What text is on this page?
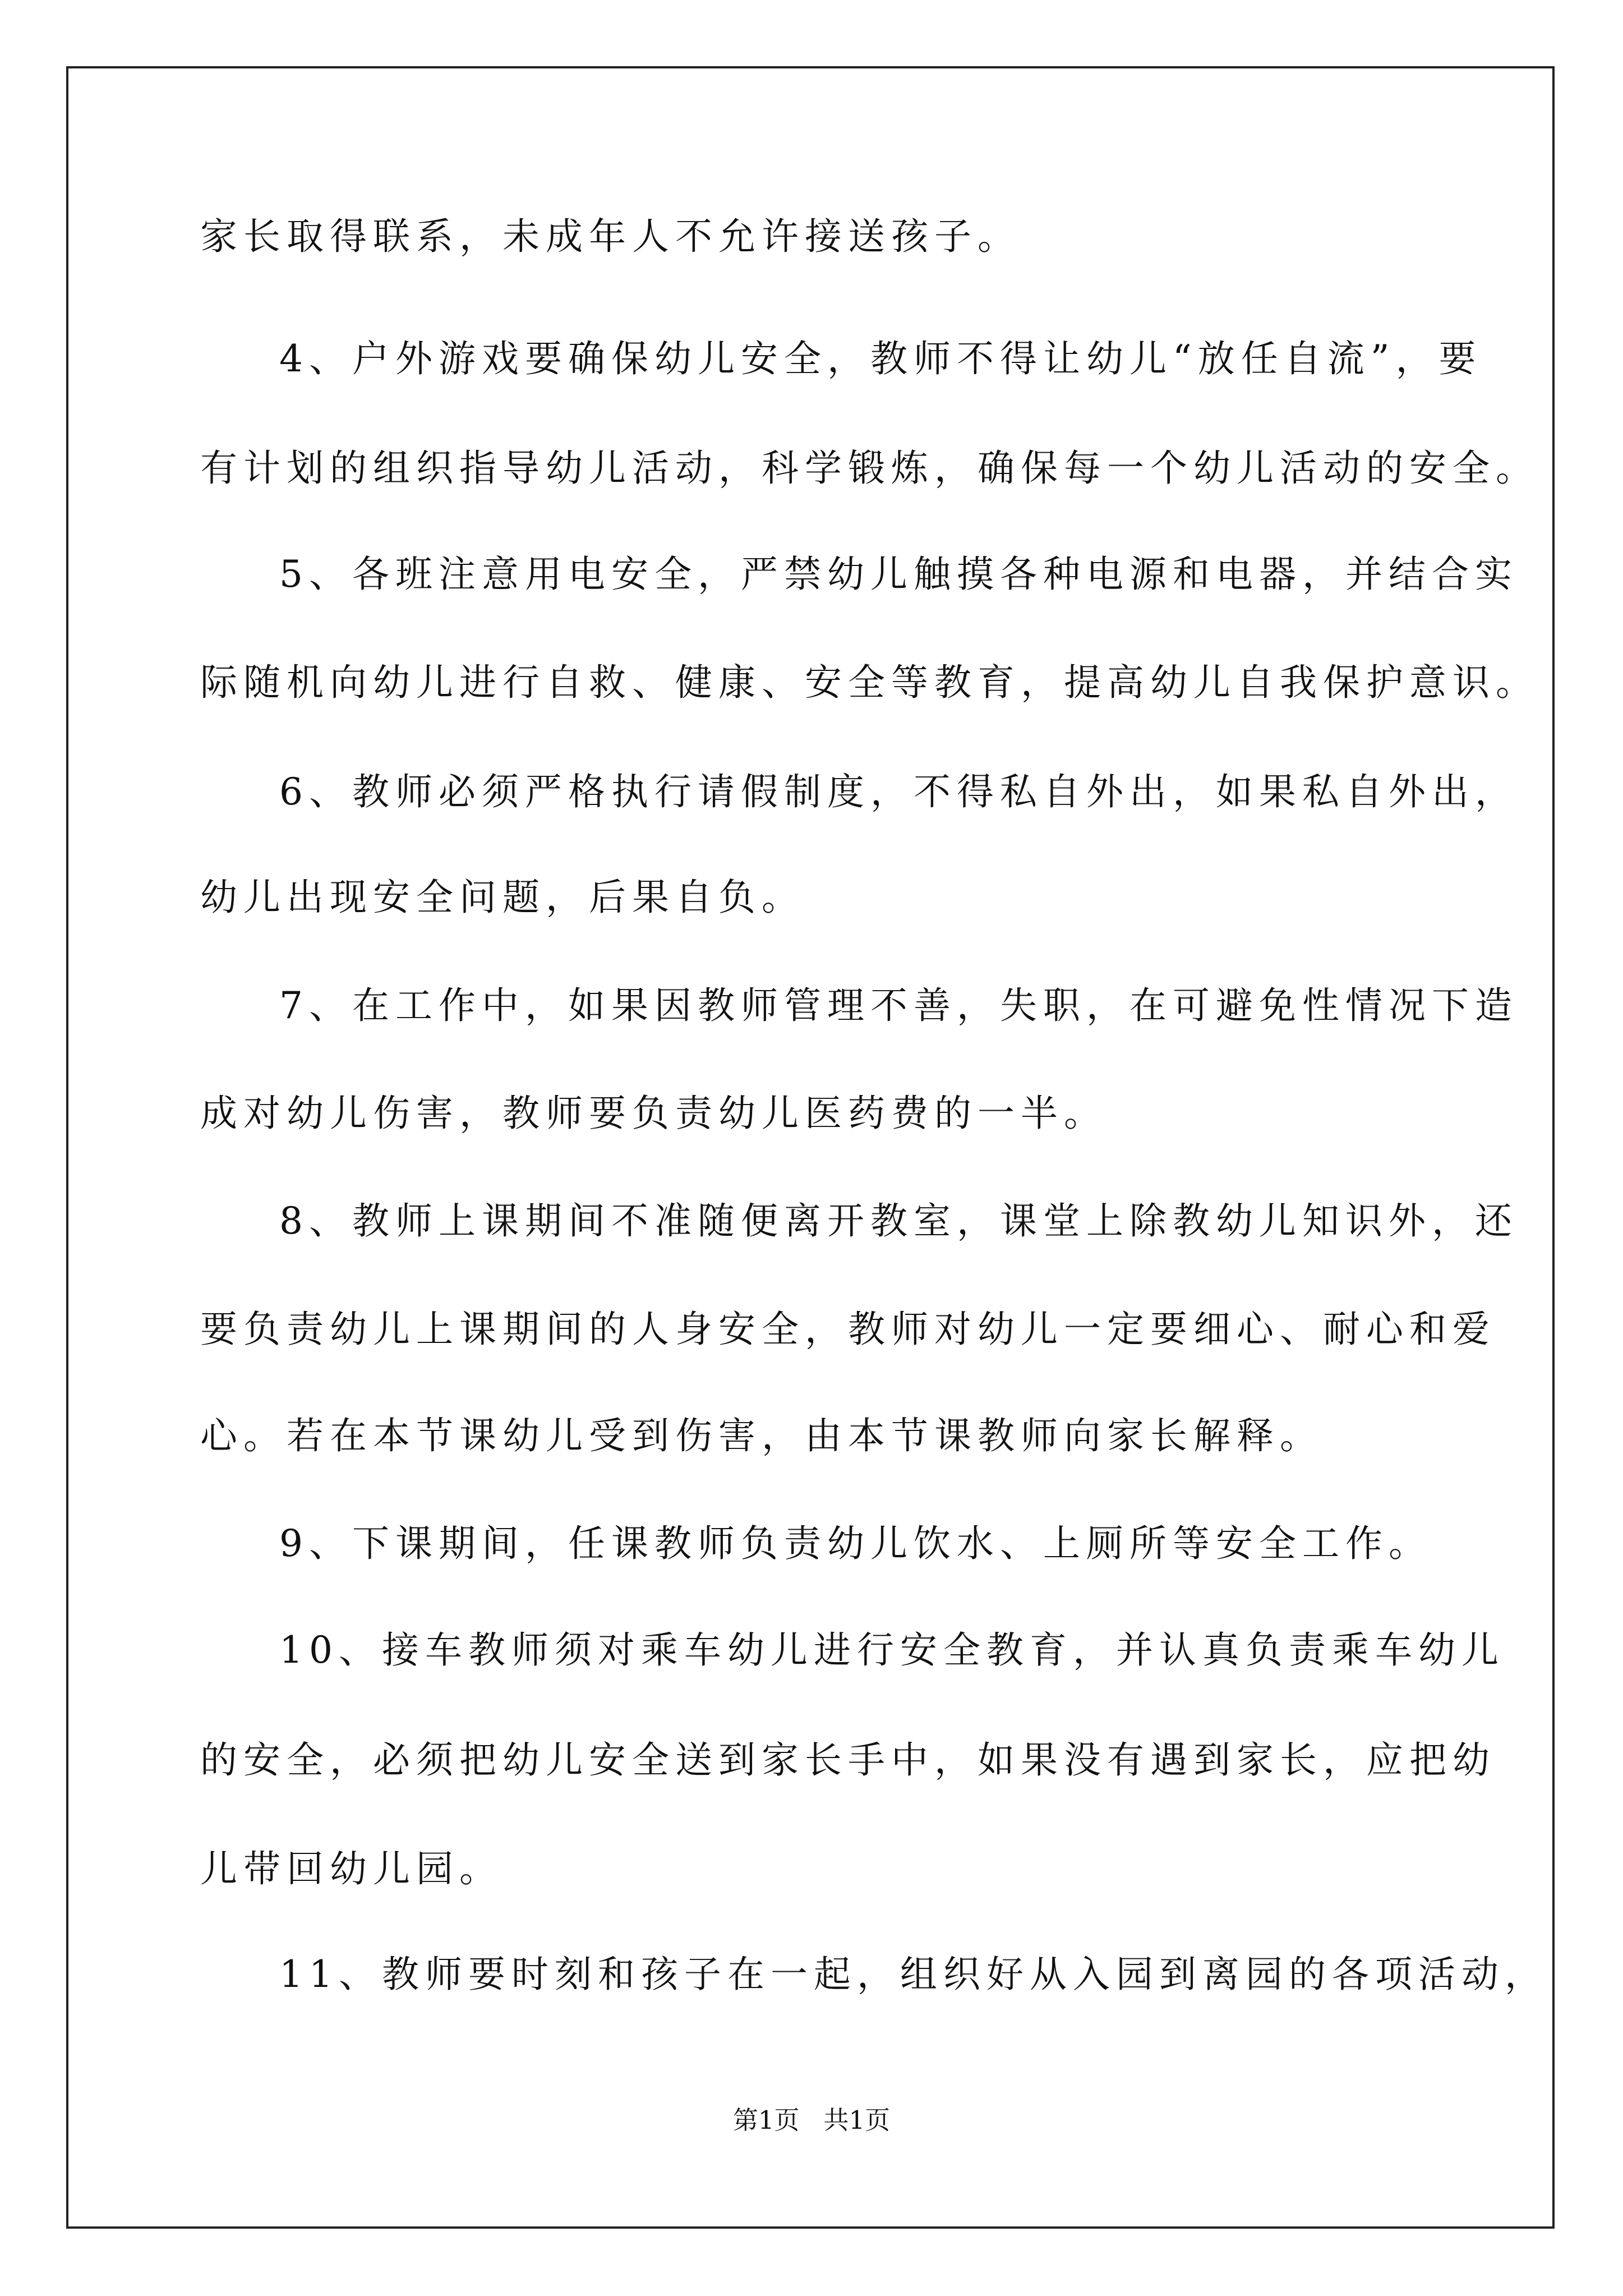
家长取得联系，未成年人不允许接送孩子。
4、户外游戏要确保幼儿安全，教师不得让幼儿“放任自流”，要
有计划的组织指导幼儿活动，科学锻炼，确保每一个幼儿活动的安全。
5、各班注意用电安全，严禁幼儿触摸各种电源和电器，并结合实
际随机向幼儿进行自救、健康、安全等教育，提高幼儿自我保护意识。
6、教师必须严格执行请假制度，不得私自外出，如果私自外出，
幼儿出现安全问题，后果自负。
7、在工作中，如果因教师管理不善，失职，在可避免性情况下造
成对幼儿伤害，教师要负责幼儿医药费的一半。
8、教师上课期间不准随便离开教室，课堂上除教幼儿知识外，还
要负责幼儿上课期间的人身安全，教师对幼儿一定要细心、耐心和爱
心。若在本节课幼儿受到伤害，由本节课教师向家长解释。
9、下课期间，任课教师负责幼儿饮水、上厕所等安全工作。
10、接车教师须对乘车幼儿进行安全教育，并认真负责乘车幼儿
的安全，必须把幼儿安全送到家长手中，如果没有遇到家长，应把幼
儿带回幼儿园。
11、教师要时刻和孩子在一起，组织好从入园到离园的各项活动，
第1页   共1页
